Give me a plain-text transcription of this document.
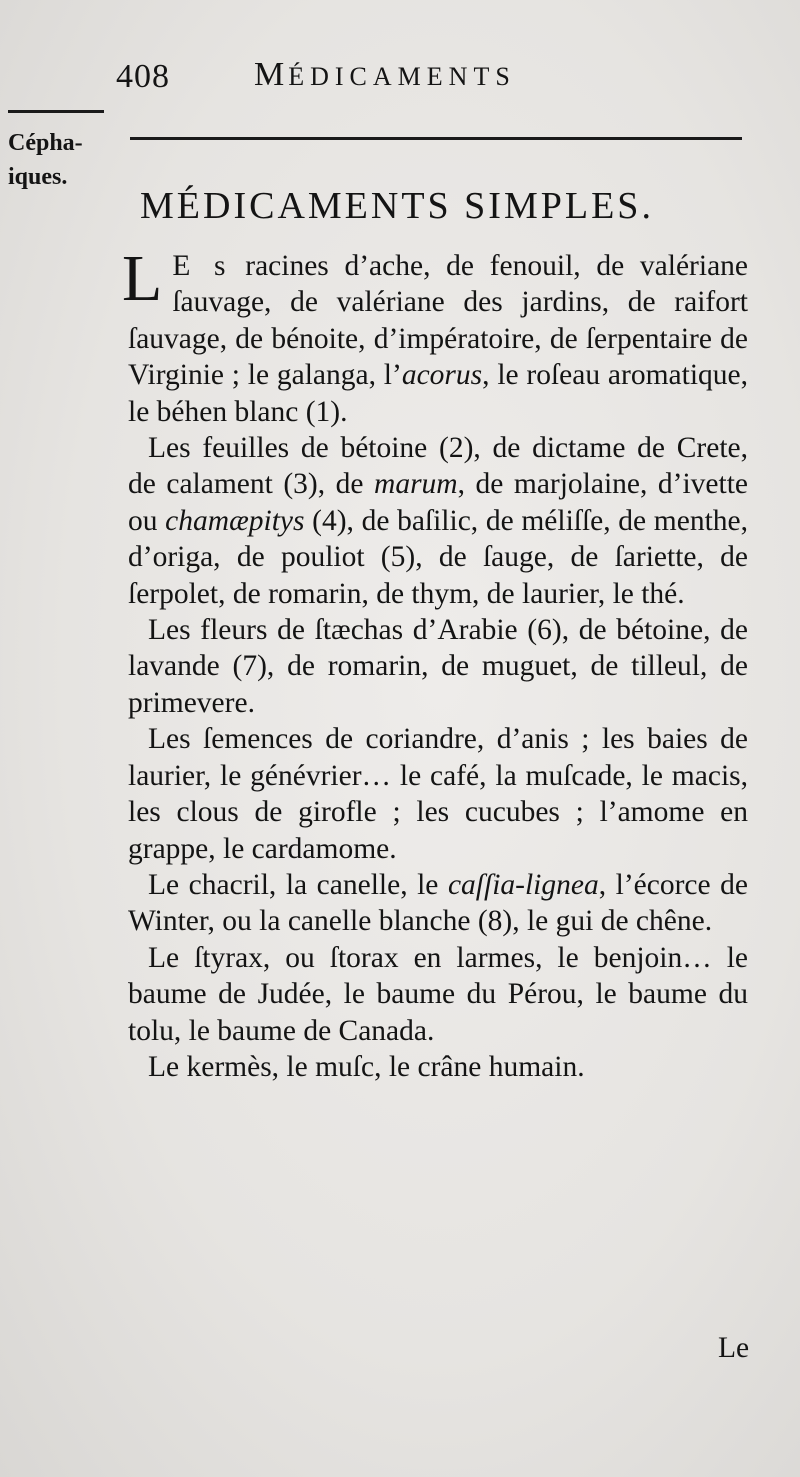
408 MÉDICAMENTS
Cépha-
iques.
MÉDICAMENTS SIMPLES.

L E s racines d’ache, de fenouil, de valériane ſauvage, de valériane des jardins, de raifort ſauvage, de bénoite, d’impératoire, de ſerpentaire de Virginie ; le galanga, l’acorus, le roſeau aromatique, le béhen blanc (1).

Les feuilles de bétoine (2), de dictame de Crete, de calament (3), de marum, de marjolaine, d’ivette ou chamæpitys (4), de baſilic, de méliſſe, de menthe, d’origa, de pouliot (5), de ſauge, de ſariette, de ſerpolet, de romarin, de thym, de laurier, le thé.

Les fleurs de ſtæchas d’Arabie (6), de bétoine, de lavande (7), de romarin, de muguet, de tilleul, de primevere.

Les ſemences de coriandre, d’anis ; les baies de laurier, le génévrier… le café, la muſcade, le macis, les clous de girofle ; les cucubes ; l’amome en grappe, le cardamome.

Le chacril, la canelle, le caſſia-lignea, l’écorce de Winter, ou la canelle blanche (8), le gui de chêne.

Le ſtyrax, ou ſtorax en larmes, le benjoin… le baume de Judée, le baume du Pérou, le baume du tolu, le baume de Canada.

Le kermès, le muſc, le crâne humain.

Le
